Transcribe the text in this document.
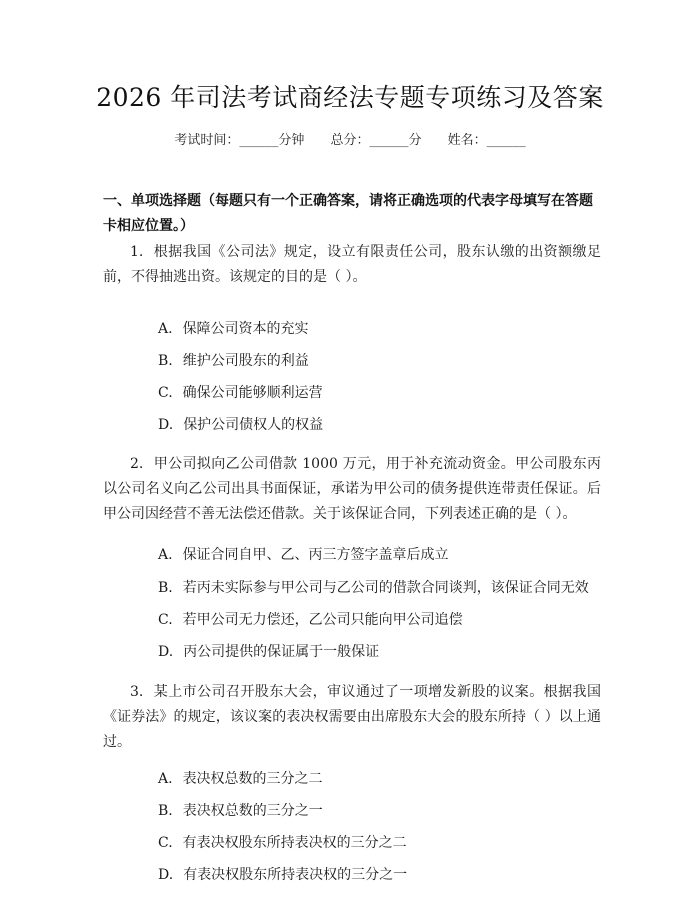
2026 年司法考试商经法专题专项练习及答案
考试时间：______分钟 总分：______分 姓名：______
一、单项选择题（每题只有一个正确答案，请将正确选项的代表字母填写在答题卡相应位置。）
1. 根据我国《公司法》规定，设立有限责任公司，股东认缴的出资额缴足前，不得抽逃出资。该规定的目的是（ ）。
A. 保障公司资本的充实
B. 维护公司股东的利益
C. 确保公司能够顺利运营
D. 保护公司债权人的权益
2. 甲公司拟向乙公司借款 1000 万元，用于补充流动资金。甲公司股东丙以公司名义向乙公司出具书面保证，承诺为甲公司的债务提供连带责任保证。后甲公司因经营不善无法偿还借款。关于该保证合同，下列表述正确的是（ ）。
A. 保证合同自甲、乙、丙三方签字盖章后成立
B. 若丙未实际参与甲公司与乙公司的借款合同谈判，该保证合同无效
C. 若甲公司无力偿还，乙公司只能向甲公司追偿
D. 丙公司提供的保证属于一般保证
3. 某上市公司召开股东大会，审议通过了一项增发新股的议案。根据我国《证券法》的规定，该议案的表决权需要由出席股东大会的股东所持（ ）以上通过。
A. 表决权总数的三分之二
B. 表决权总数的三分之一
C. 有表决权股东所持表决权的三分之二
D. 有表决权股东所持表决权的三分之一
